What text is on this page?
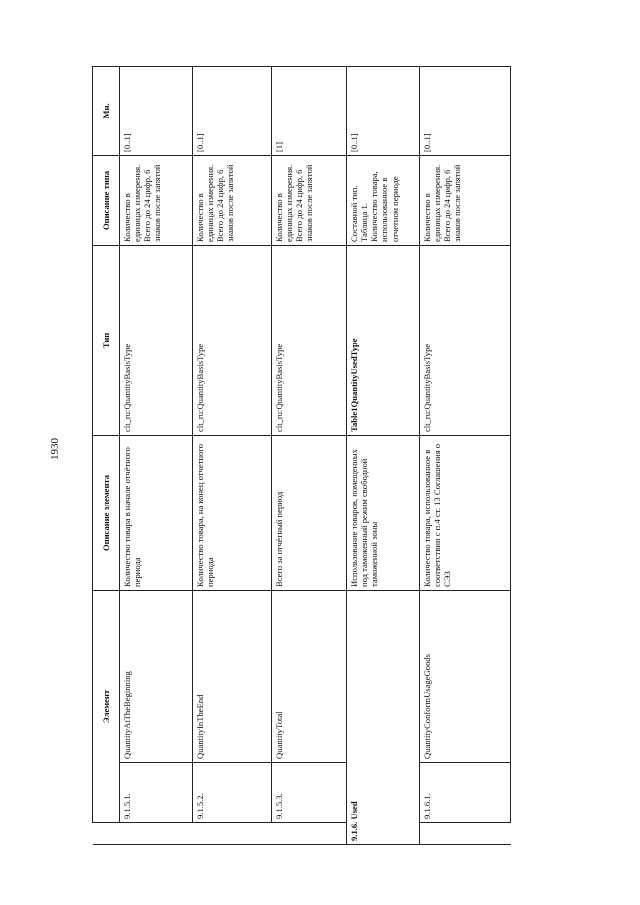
1930
	Элемент		Описание элемента	Тип	Описание типа	Мн.
	9.1.5.1.	QuantityAtTheBeginning	Количество товара в начале отчётного периода	clt_ru:QuantityBasisType	Количество в единицах измерения. Всего до 24 цифр, 6 знаков после запятой	[0..1]
	9.1.5.2.	QuantityInTheEnd	Количество товара, на конец отчетного периода	clt_ru:QuantityBasisType	Количество в единицах измерения. Всего до 24 цифр, 6 знаков после запятой	[0..1]
	9.1.5.3.	QuantityTotal	Всего за отчётный период	clt_ru:QuantityBasisType	Количество в единицах измерения. Всего до 24 цифр, 6 знаков после запятой	[1]
9.1.6. Used			Использование товаров, помещенных под таможенный режим свободной таможенной зоны	Table1QuantityUsedType	Составной тип. Таблица 1. Количество товара, использованное в отчетном периоде	[0..1]
	9.1.6.1.	QuantityConformUsageGoods	Количество товара, использованное в соответствии с п.4 ст. 13 Соглашения о СЭЗ	clt_ru:QuantityBasisType	Количество в единицах измерения. Всего до 24 цифр, 6 знаков после запятой	[0..1]
